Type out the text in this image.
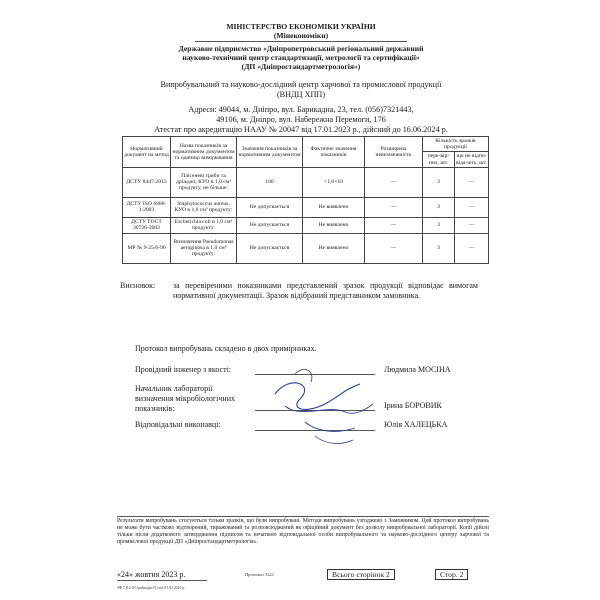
МІНІСТЕРСТВО ЕКОНОМІКИ УКРАЇНИ
(Мінекономіки)
Державне підприємство «Дніпропетровський регіональний державний
науково-технічний центр стандартизації, метрології та сертифікації»
(ДП «Дніпростандартметрологія»)
Випробувальний та науково-дослідний центр харчової та промислової продукції
(ВНДЦ ХПП)
Адреси: 49044, м. Дніпро, вул. Барикадна, 23, тел. (056)7321443,
49106, м. Дніпро, вул. Набережна Перемоги, 176
Атестат про акредитацію НААУ № 20047 від 17.01.2023 р., дійсний до 16.06.2024 р.
Нормативний документ на метод	Назва показників за нормативним документом та одиниці вимірювання	Значення показників за нормативним документом	Фактичне значення показників	Розширена невизначеність	Кількість зразків продукції	
					пере-вір-них, шт.	що не відпо-віда-ють, шт.
ДСТУ 8447:2015	Плісеневі гриби та дріжджі, КУО в 1,0 см³ продукту, не більше:	100	<1,0×10	—	3	—
ДСТУ ISO 6888-1:2003	Staphylococcus aureus, КУО в 1,0 см³ продукту:	Не допускається	Не виявлено	—	3	—
ДСТУ ГОСТ 30726-2002	Escherichia coli в 1,0 см³ продукту:	Не допускається	Не виявлено	—	3	—
МР № 9-25/6-96	Визначення Pseudomonas aeruginosa в 1,0 см³ продукту:	Не допускається	Не виявлено	—	3	—
Висновок: за перевіреними показниками представлений зразок продукції відповідає вимогам нормативної документації. Зразок відібраний представником замовника.
Протокол випробувань складено в двох примірниках.
Провідний інженер з якості:	Людмила МОСІНА
Начальник лабораторії визначення мікробіологічних показників:	Ірина БОРОВИК
Відповідальні виконавці:	Юлія ХАЛЕЦЬКА
Результати випробувань стосуються тільки зразків, що були випробувані. Методи випробувань узгоджено з Замовником. Цей протокол випробувань не може бути частково відтворений, тиражований та розповсюджений як офіційний документ без дозволу випробувальної лабораторії. Копії дійсні тільки після додаткового затвердження підписом та печаткою відповідальної особи випробувального та науково-дослідного центру харчової та промислової продукції ДП «Дніпростандартметрологія».
«24» жовтня 2023 р.	Протокол 3522	Всього сторінок 2	Стор. 2
ТФ 7.8-2.03 (редакція 01) від 01.03.2021 р.
